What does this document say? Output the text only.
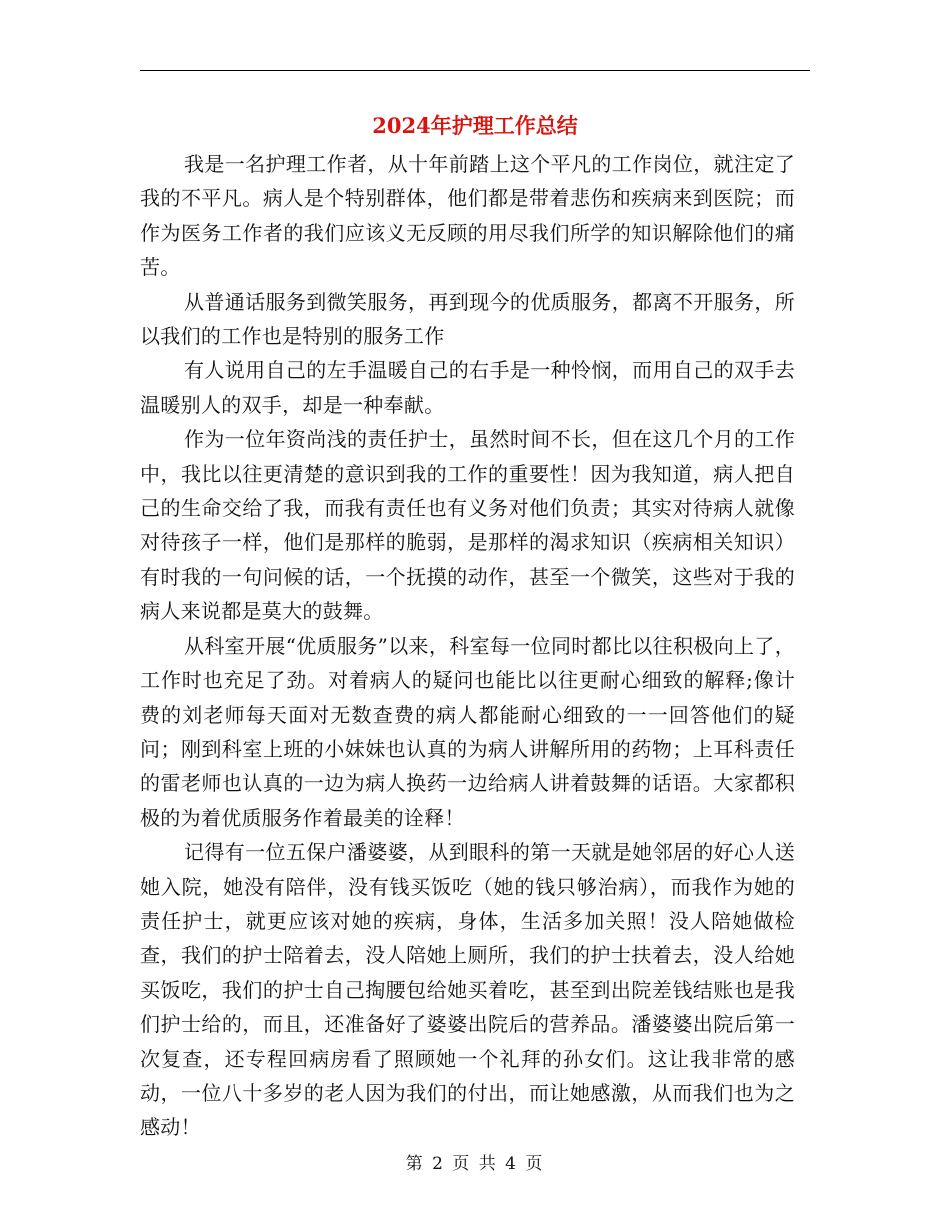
2024年护理工作总结

我是一名护理工作者，从十年前踏上这个平凡的工作岗位，就注定了我的不平凡。病人是个特别群体，他们都是带着悲伤和疾病来到医院；而作为医务工作者的我们应该义无反顾的用尽我们所学的知识解除他们的痛苦。

从普通话服务到微笑服务，再到现今的优质服务，都离不开服务，所以我们的工作也是特别的服务工作

有人说用自己的左手温暖自己的右手是一种怜悯，而用自己的双手去温暖别人的双手，却是一种奉献。

作为一位年资尚浅的责任护士，虽然时间不长，但在这几个月的工作中，我比以往更清楚的意识到我的工作的重要性！因为我知道，病人把自己的生命交给了我，而我有责任也有义务对他们负责；其实对待病人就像对待孩子一样，他们是那样的脆弱，是那样的渴求知识（疾病相关知识）有时我的一句问候的话，一个抚摸的动作，甚至一个微笑，这些对于我的病人来说都是莫大的鼓舞。

从科室开展“优质服务”以来，科室每一位同时都比以往积极向上了，工作时也充足了劲。对着病人的疑问也能比以往更耐心细致的解释;像计费的刘老师每天面对无数查费的病人都能耐心细致的一一回答他们的疑问；刚到科室上班的小妹妹也认真的为病人讲解所用的药物；上耳科责任的雷老师也认真的一边为病人换药一边给病人讲着鼓舞的话语。大家都积极的为着优质服务作着最美的诠释！

记得有一位五保户潘婆婆，从到眼科的第一天就是她邻居的好心人送她入院，她没有陪伴，没有钱买饭吃（她的钱只够治病），而我作为她的责任护士，就更应该对她的疾病，身体，生活多加关照！没人陪她做检查，我们的护士陪着去，没人陪她上厕所，我们的护士扶着去，没人给她买饭吃，我们的护士自己掏腰包给她买着吃，甚至到出院差钱结账也是我们护士给的，而且，还准备好了婆婆出院后的营养品。潘婆婆出院后第一次复查，还专程回病房看了照顾她一个礼拜的孙女们。这让我非常的感动，一位八十多岁的老人因为我们的付出，而让她感激，从而我们也为之感动！

第 2 页 共 4 页
